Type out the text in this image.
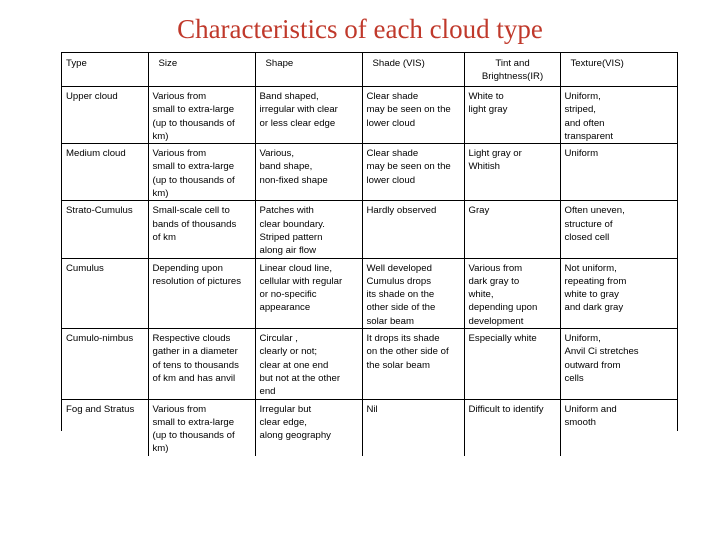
Characteristics of each cloud type
Type	Size	Shape	Shade (VIS)	Tint and
Brightness(IR)	Texture(VIS)
Upper cloud	Various from
small to extra-large
(up to thousands of
km)	Band shaped,
irregular with clear
or less clear edge	Clear shade
may be seen on the
lower cloud	White to
light gray	Uniform,
striped,
and often
transparent
Medium cloud	Various from
small to extra-large
(up to thousands of
km)	Various,
band shape,
non-fixed shape	Clear shade
may be seen on the
lower cloud	Light gray or
Whitish	Uniform
Strato-Cumulus	Small-scale cell to
bands of thousands
of km	Patches with
clear boundary.
Striped pattern
along air flow	Hardly observed	Gray	Often uneven,
structure of
closed cell
Cumulus	Depending upon
resolution of pictures	Linear cloud line,
cellular with regular
or no-specific
appearance	Well developed
Cumulus drops
its shade on the
other side of the
solar beam	Various from
dark gray to
white,
depending upon
development	Not uniform,
repeating from
white to gray
and dark gray
Cumulo-nimbus	Respective clouds
gather in a diameter
of tens to thousands
of km and has anvil	Circular ,
clearly or not;
clear at one end
but not at the other
end	It drops its shade
on the other side of
the solar beam	Especially white	Uniform,
Anvil Ci stretches
outward from
cells
Fog and Stratus	Various from
small to extra-large
(up to thousands of
km)	Irregular but
clear edge,
along geography	Nil	Difficult to identify	Uniform and
smooth
